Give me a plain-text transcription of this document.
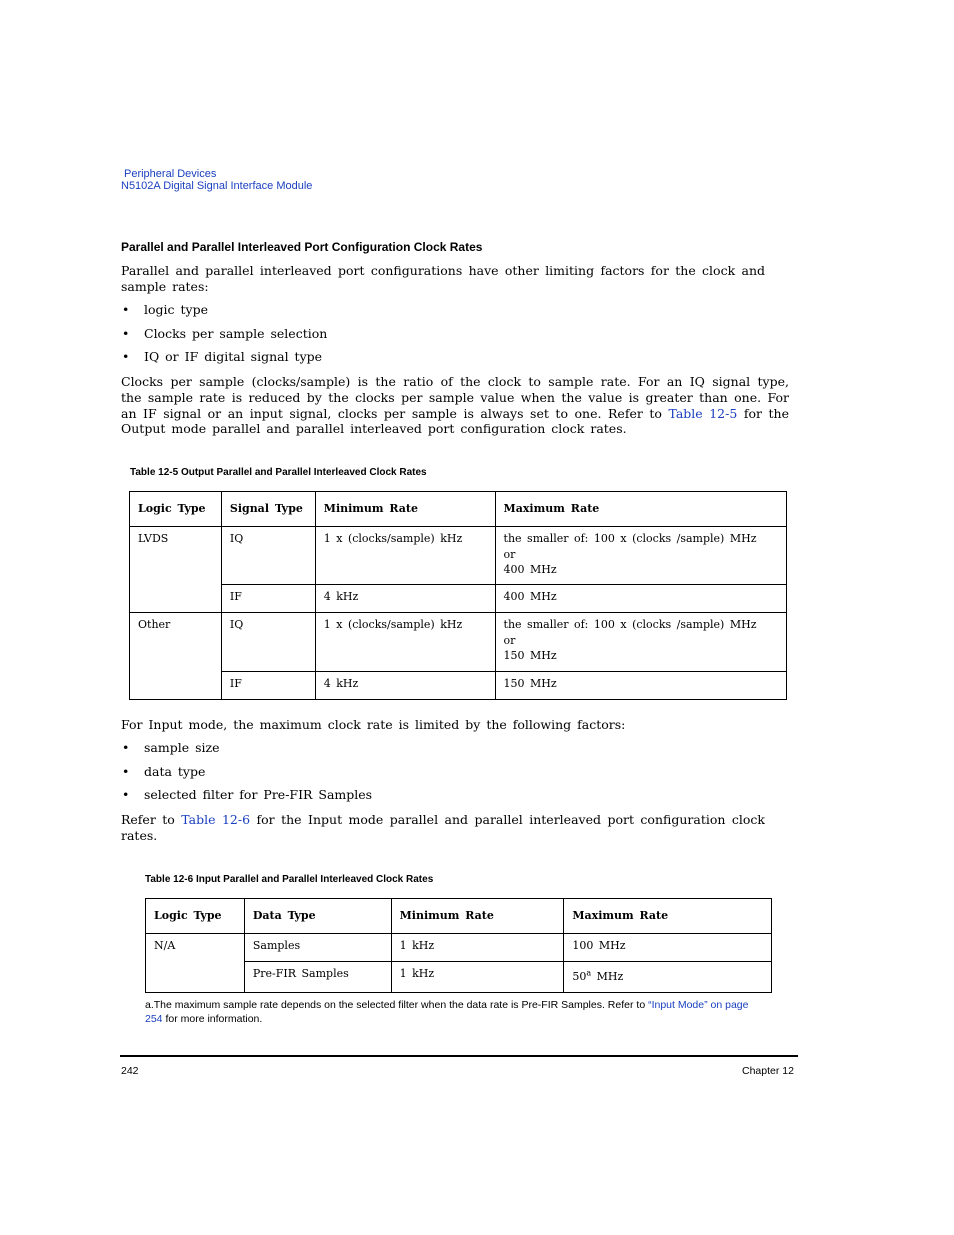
Peripheral Devices
N5102A Digital Signal Interface Module
Parallel and Parallel Interleaved Port Configuration Clock Rates
Parallel and parallel interleaved port configurations have other limiting factors for the clock and sample rates:
• logic type
• Clocks per sample selection
• IQ or IF digital signal type
Clocks per sample (clocks/sample) is the ratio of the clock to sample rate. For an IQ signal type, the sample rate is reduced by the clocks per sample value when the value is greater than one. For an IF signal or an input signal, clocks per sample is always set to one. Refer to Table 12-5 for the Output mode parallel and parallel interleaved port configuration clock rates.
Table 12-5 Output Parallel and Parallel Interleaved Clock Rates
Logic Type	Signal Type	Minimum Rate	Maximum Rate
LVDS	IQ	1 x (clocks/sample) kHz	the smaller of: 100 x (clocks /sample) MHz
or
400 MHz

	IF	4 kHz	400 MHz
Other	IQ	1 x (clocks/sample) kHz	the smaller of: 100 x (clocks /sample) MHz
or
150 MHz

	IF	4 kHz	150 MHz
For Input mode, the maximum clock rate is limited by the following factors:
• sample size
• data type
• selected filter for Pre-FIR Samples
Refer to Table 12-6 for the Input mode parallel and parallel interleaved port configuration clock rates.
Table 12-6 Input Parallel and Parallel Interleaved Clock Rates
Logic Type	Data Type	Minimum Rate	Maximum Rate
N/A	Samples	1 kHz	100 MHz
	Pre-FIR Samples	1 kHz	50$^a$ MHz
a.The maximum sample rate depends on the selected filter when the data rate is Pre-FIR Samples. Refer to “Input Mode” on page 254 for more information.
242	Chapter 12
